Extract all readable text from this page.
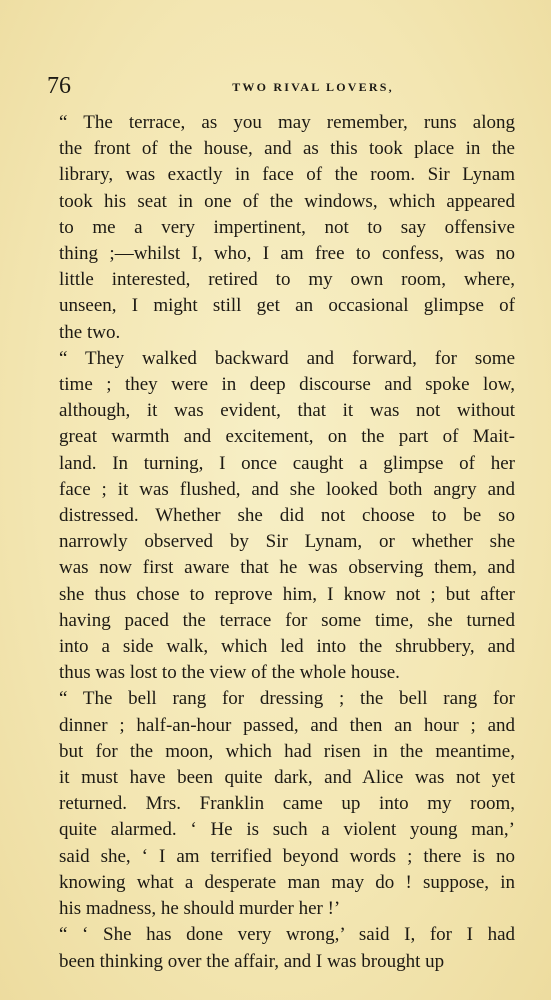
76	TWO RIVAL LOVERS,

“ The terrace, as you may remember, runs along
the front of the house, and as this took place in the
library, was exactly in face of the room. Sir Lynam
took his seat in one of the windows, which appeared
to me a very impertinent, not to say offensive
thing ;—whilst I, who, I am free to confess, was no
little interested, retired to my own room, where,
unseen, I might still get an occasional glimpse of
the two.

“ They walked backward and forward, for some
time ; they were in deep discourse and spoke low,
although, it was evident, that it was not without
great warmth and excitement, on the part of Mait-
land. In turning, I once caught a glimpse of her
face ; it was flushed, and she looked both angry and
distressed. Whether she did not choose to be so
narrowly observed by Sir Lynam, or whether she
was now first aware that he was observing them, and
she thus chose to reprove him, I know not ; but after
having paced the terrace for some time, she turned
into a side walk, which led into the shrubbery, and
thus was lost to the view of the whole house.

“ The bell rang for dressing ; the bell rang for
dinner ; half-an-hour passed, and then an hour ; and
but for the moon, which had risen in the meantime,
it must have been quite dark, and Alice was not yet
returned. Mrs. Franklin came up into my room,
quite alarmed. ‘ He is such a violent young man,’
said she, ‘ I am terrified beyond words ; there is no
knowing what a desperate man may do ! suppose, in
his madness, he should murder her !’

“ ‘ She has done very wrong,’ said I, for I had
been thinking over the affair, and I was brought up
